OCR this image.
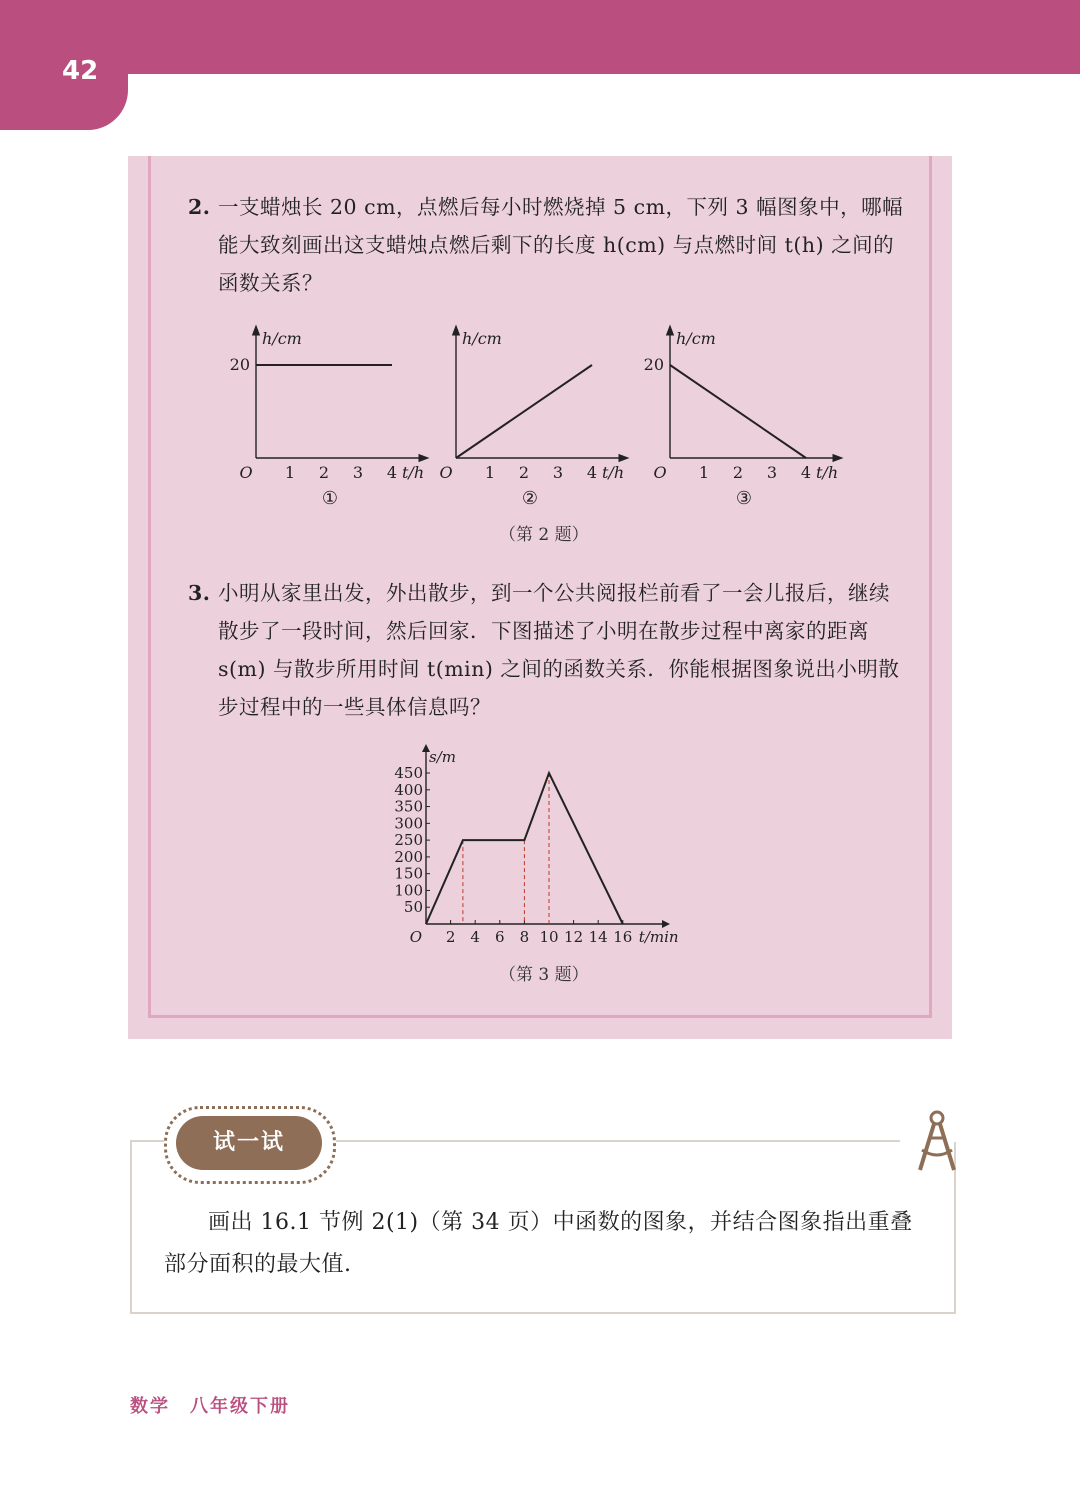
42
2. 一支蜡烛长 20 cm，点燃后每小时燃烧掉 5 cm，下列 3 幅图象中，哪幅能大致刻画出这支蜡烛点燃后剩下的长度 h(cm) 与点燃时间 t(h) 之间的函数关系？
O 1 2 3 4 t/h
h/cm
20
①
O 1 2 3 4 t/h
h/cm
②
O 1 2 3 4 t/h
h/cm
20
③
（第 2 题）
3. 小明从家里出发，外出散步，到一个公共阅报栏前看了一会儿报后，继续散步了一段时间，然后回家．下图描述了小明在散步过程中离家的距离 s(m) 与散步所用时间 t(min) 之间的函数关系．你能根据图象说出小明散步过程中的一些具体信息吗？
s/m
O
50
100
150
200
250
300
350
400
450
2 4 6 8 10 12 14 16 t/min
（第 3 题）
试一试
画出 16.1 节例 2(1)（第 34 页）中函数的图象，并结合图象指出重叠部分面积的最大值.
数学　八年级下册
